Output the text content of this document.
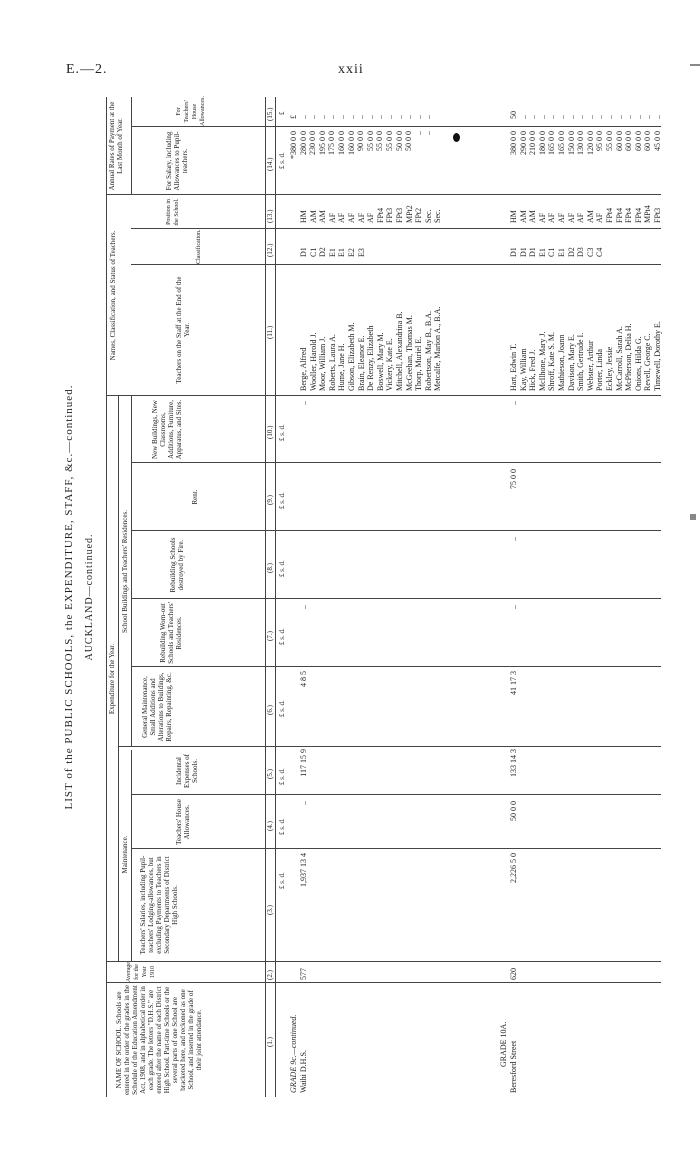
E.—2.	xxii
LIST of the PUBLIC SCHOOLS, the EXPENDITURE, STAFF, &c.—continued. AUCKLAND—continued.
Expenditure for the Year.
Maintenance.
School Buildings and Teachers' Residences.
Names, Classification, and Status of Teachers.
Annual Rates of Payment at the Last Month of Year.
NAME OF SCHOOL. Schools are entered in the order of the grades in the Schedule of the Education Amendment Act, 1908, and in alphabetical order in each grade. The letters "D.H.S." are entered after the name of each District High School. Part-time Schools or the several parts of one School are bracketed here, and reckoned as one School, and inserted in the grade of their joint attendance.
Average for the Year 1910
Teachers' Salaries, including Pupil-teachers' Lodging-allowances, but excluding Payments to Teachers in Secondary Departments of District High Schools.
Teachers' House Allowances.
Incidental Expenses of Schools.
General Maintenance, Small Additions and Alterations to Buildings, Repairs, Repainting, &c.
Rebuilding Worn-out Schools and Teachers' Residences.
Rebuilding Schools destroyed by Fire.
Rent.
New Buildings, New Classrooms, Additions, Furniture, Apparatus, and Sites.
Teachers on the Staff at the End of the Year.
Classification.
Position in the School.
For Salary, including Allowances to Pupil-teachers.
For Teachers' House Allowances.
(1.)
(2.)
(3.)
(4.)
(5.)
(6.)
(7.)
(8.)
(9.)
(10.)
(11.)
(12.)
(13.)
(14.)
(15.)
£ s. d.
£ s. d.
£ s. d.
£ s. d.
£ s. d.
£ s. d.
£ s. d.
£ s. d.
£ s. d.
£
GRADE 9c.—continued. Waihi D.H.S.
577
1,937 13 4
..
117 15 9
4 8 5
..
..
Berge, Alfred Wooller, Harold J. Moor, William J. Roberts, Laura A. Hume, Jane H. Gibson, Elizabeth M. Brain, Eleanor E. De Renzy, Elizabeth Boswell, Mary M. Vickery, Kate E. Mitchell, Alexandrina B. McGeehan, Thomas M. Thorp, Muriel E. Robertson, May B., B.A. Metcalfe, Marion A., B.A.
D1 C1 D2 E1 E1 E2 E3
HM AM AM AF AF AF AF AF FPt4 FPt3 FPt3 MPt2 FPt2 Sec. Sec.
*380 0 0 280 0 0 230 0 0 195 0 0 175 0 0 160 0 0 160 0 0 90 0 0 55 0 0 55 0 0 55 0 0 50 0 0 50 0 0 .. ..
£ .. .. .. .. .. .. .. .. .. .. .. .. .. ..
GRADE 10A. Beresford Street
620
2,226 5 0
50 0 0
133 14 3
41 17 3
..
..
75 0 0
..
Hart, Edwin T. Kay, William Hick, Fred J. McIlhone, Mary J. Shroff, Kate S. M. Mathieson, Joann Davison, Mary E. Smith, Gertrude I. Webster, Arthur Porter, Linda Eckley, Jessie McCarroll, Sarah A. McPherson, Delia H. Onions, Hilda G. Revell, George C. Timewell, Dorothy E.
D1 D1 D1 E1 C1 E1 D2 D3 C3 C4
HM AM AM AF AF AF AF AF AM AF FPt4 FPt4 FPt4 FPt4 MPt4 FPt3
380 0 0 290 0 0 210 0 0 180 0 0 165 0 0 165 0 0 150 0 0 130 0 0 120 0 0 95 0 0 55 0 0 60 0 0 60 0 0 60 0 0 60 0 0 45 0 0
50 .. .. .. .. .. .. .. .. .. .. .. .. .. .. ..
